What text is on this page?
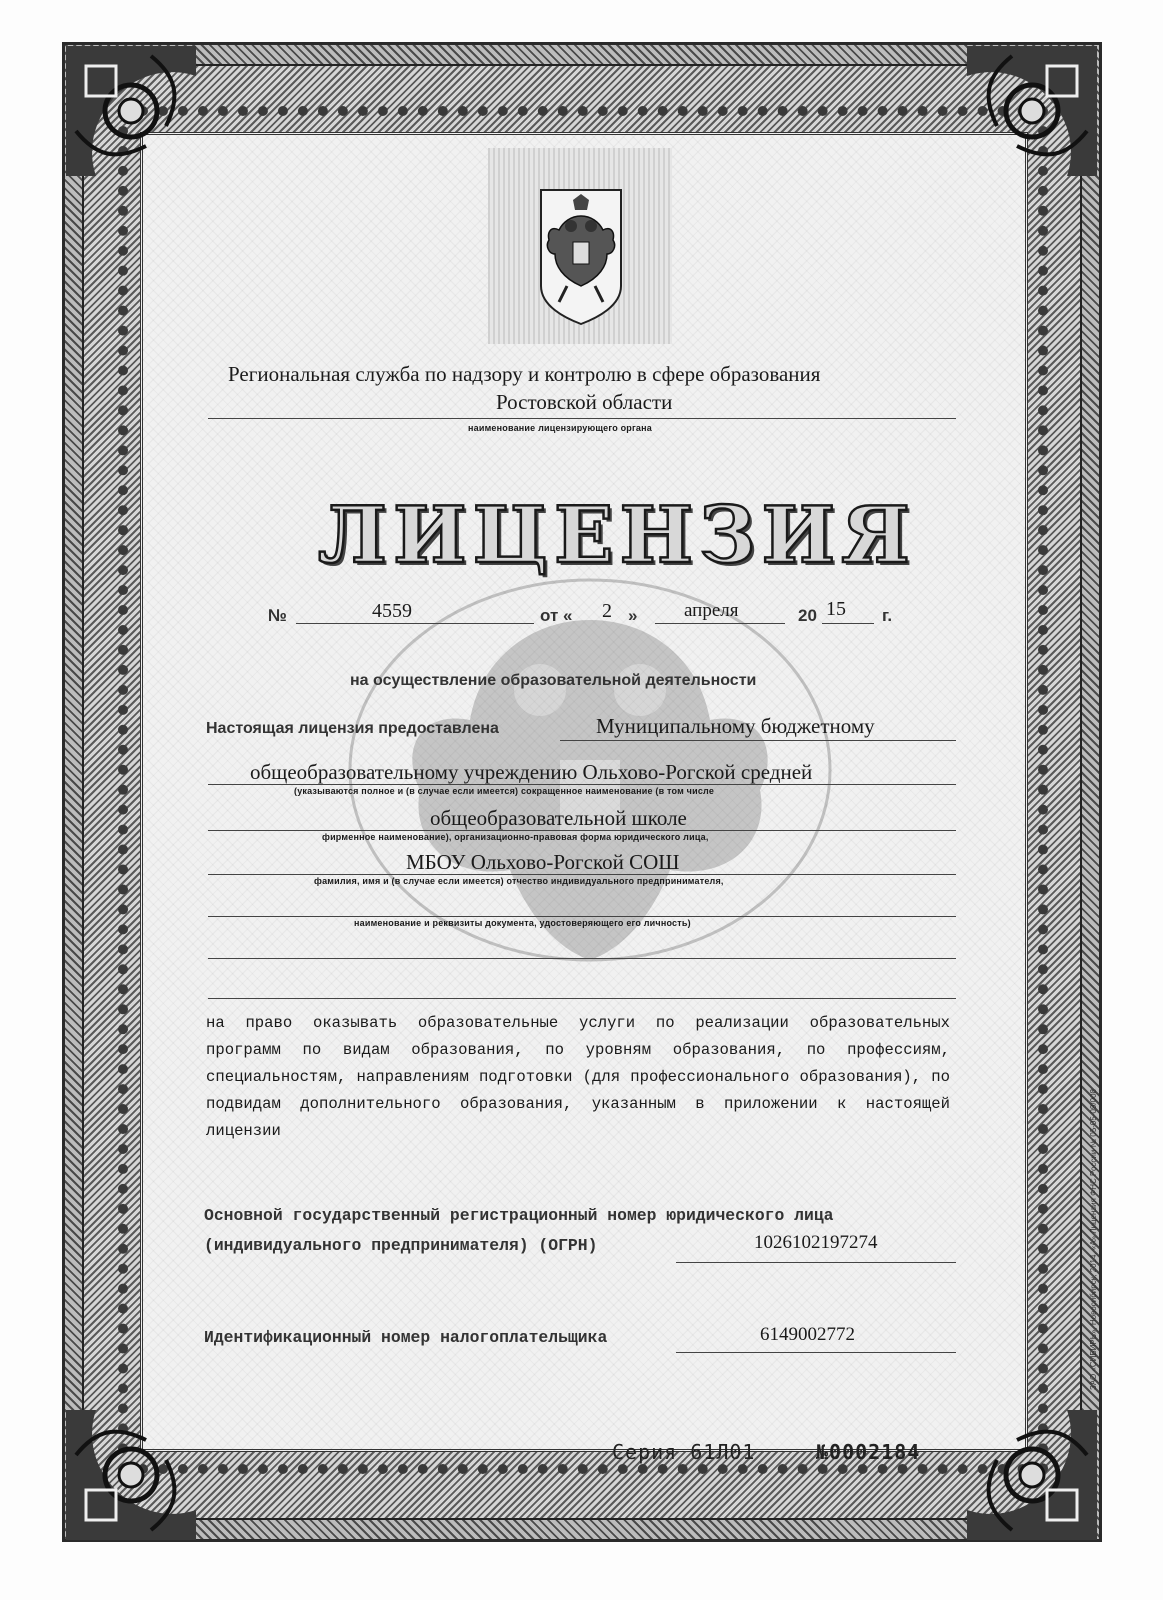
Региональная служба по надзору и контролю в сфере образования
Ростовской области
наименование лицензирующего органа
ЛИЦЕНЗИЯ
№	4559	от « 2 » апреля	20 15 г.
на осуществление образовательной деятельности
Настоящая лицензия предоставлена	Муниципальному бюджетному
общеобразовательному учреждению Ольхово-Рогской средней
(указываются полное и (в случае если имеется) сокращенное наименование (в том числе
общеобразовательной школе
фирменное наименование), организационно-правовая форма юридического лица,
МБОУ Ольхово-Рогской СОШ
фамилия, имя и (в случае если имеется) отчество индивидуального предпринимателя,
наименование и реквизиты документа, удостоверяющего его личность)
на право оказывать образовательные услуги по реализации образовательных программ по видам образования, по уровням образования, по профессиям, специальностям, направлениям подготовки (для профессионального образования), по подвидам дополнительного образования, указанным в приложении к настоящей лицензии
Основной государственный регистрационный номер юридического лица
(индивидуального предпринимателя) (ОГРН)	1026102197274
Идентификационный номер налогоплательщика	6149002772
Серия 61Л01	№0002184
ЗАО «СИБИРЬ», Новосибирск, 2014, «А» Лицензия ФНС России № 05-05-09/008
